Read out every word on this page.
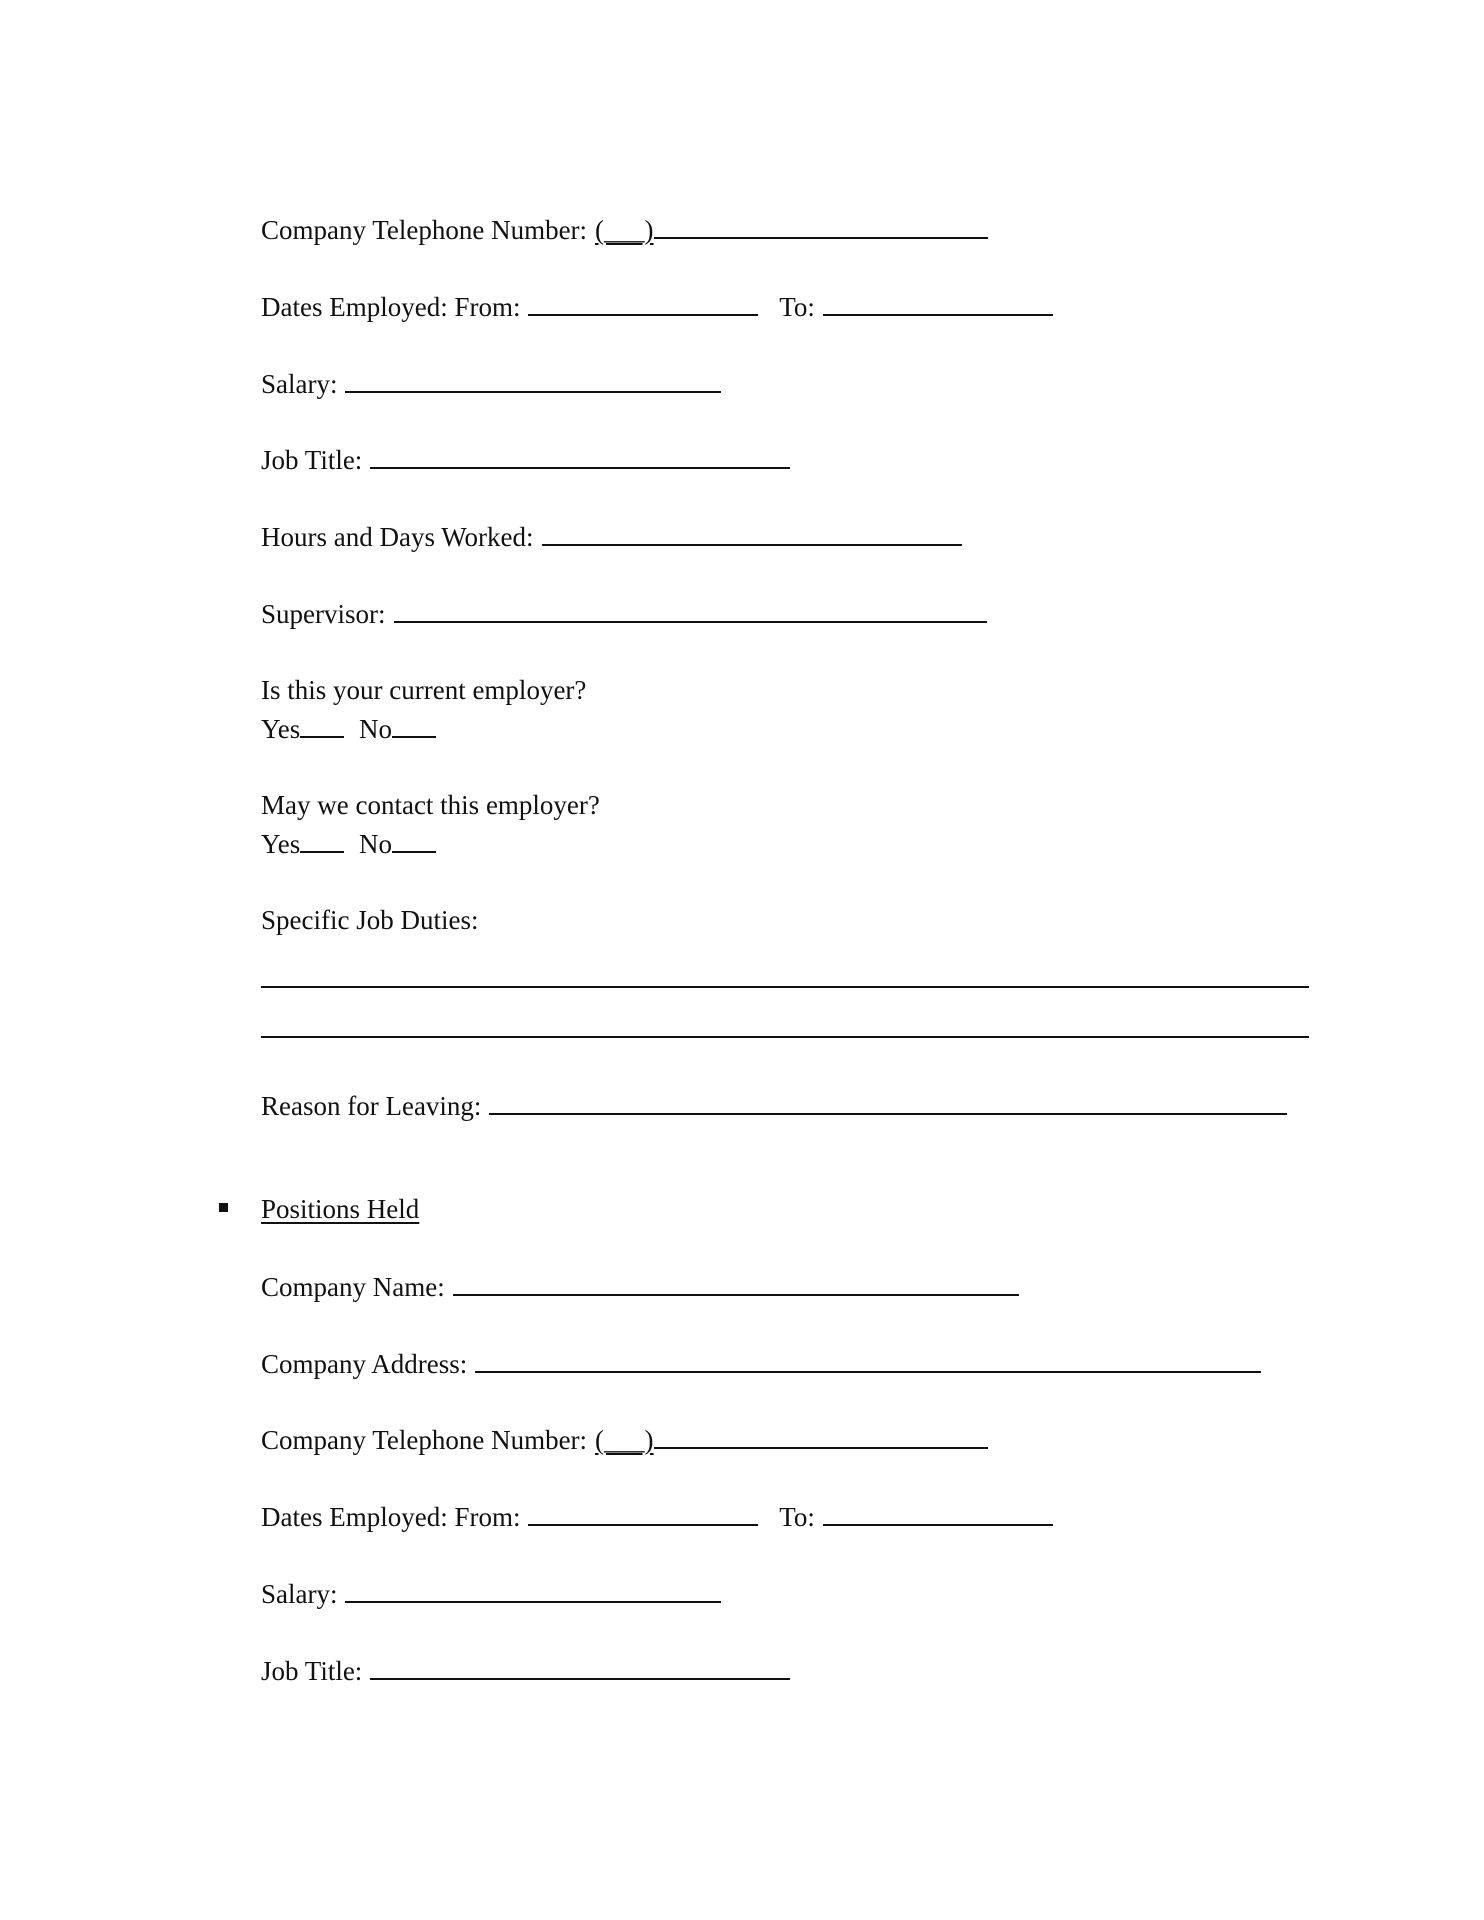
Company Telephone Number: (___)
Dates Employed: From:	To:
Salary:
Job Title:
Hours and Days Worked:
Supervisor:
Is this your current employer?
Yes No
May we contact this employer?
Yes No
Specific Job Duties:
Reason for Leaving:
Positions Held
Company Name:
Company Address:
Company Telephone Number: (___)
Dates Employed: From:	To:
Salary:
Job Title:
